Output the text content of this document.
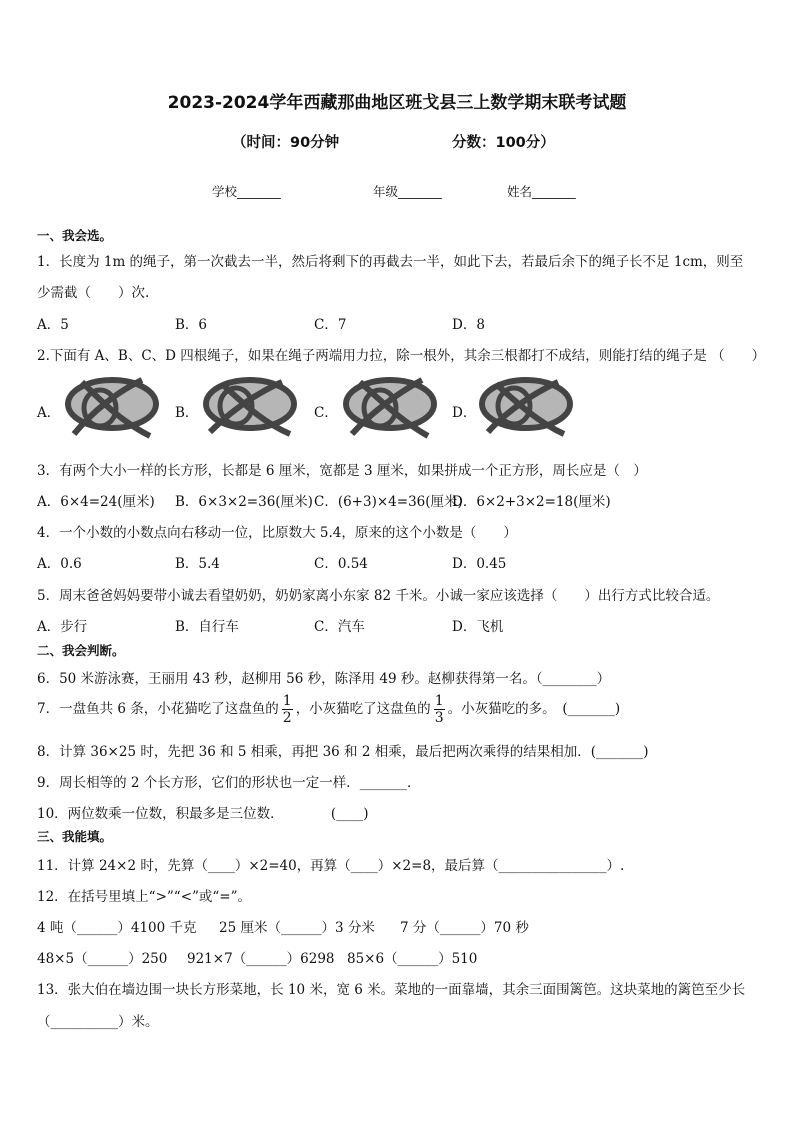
2023-2024学年西藏那曲地区班戈县三上数学期末联考试题
（时间：90分钟	分数：100分）
学校_______	年级_______	姓名_______
一、我会选。
1．长度为 1m 的绳子，第一次截去一半，然后将剩下的再截去一半，如此下去，若最后余下的绳子长不足 1cm，则至
少需截（　　）次.
A．5	B．6	C．7	D．8
2.下面有 A、B、C、D 四根绳子，如果在绳子两端用力拉，除一根外，其余三根都打不成结，则能打结的绳子是 （　　）
A．	B．	C．	D．
3．有两个大小一样的长方形，长都是 6 厘米，宽都是 3 厘米，如果拼成一个正方形，周长应是（　）
A．6×4=24(厘米) B．6×3×2=36(厘米) C．(6+3)×4=36(厘米)
D．6×2+3×2=18(厘米)
4．一个小数的小数点向右移动一位，比原数大 5.4，原来的这个小数是（　　）
A．0.6	B．5.4	C．0.54	D．0.45
5．周末爸爸妈妈要带小诚去看望奶奶，奶奶家离小东家 82 千米。小诚一家应该选择（　　）出行方式比较合适。
A．步行	B．自行车	C．汽车	D．飞机
二、我会判断。
6．50 米游泳赛，王丽用 43 秒，赵柳用 56 秒，陈泽用 49 秒。赵柳获得第一名。（________）
7．一盘鱼共 6 条，小花猫吃了这盘鱼的 $\frac{1}{2}$ ，小灰猫吃了这盘鱼的 $\frac{1}{3}$ 。小灰猫吃的多。　(_______)
8．计算 36×25 时，先把 36 和 5 相乘，再把 36 和 2 相乘，最后把两次乘得的结果相加．(_______)
9．周长相等的 2 个长方形，它们的形状也一定一样．_______．
10．两位数乘一位数，积最多是三位数．　　　　(____)
三、我能填。
11．计算 24×2 时，先算（____）×2=40，再算（____）×2=8，最后算（________________）.
12．在括号里填上“>”“<”或“=”。
4 吨（______）4100 千克 25 厘米（______）3 分米 7 分（______）70 秒
48×5（______）250 921×7（______）6298 85×6（______）510
13．张大伯在墙边围一块长方形菜地，长 10 米，宽 6 米。菜地的一面靠墙，其余三面围篱笆。这块菜地的篱笆至少长
（__________）米。
